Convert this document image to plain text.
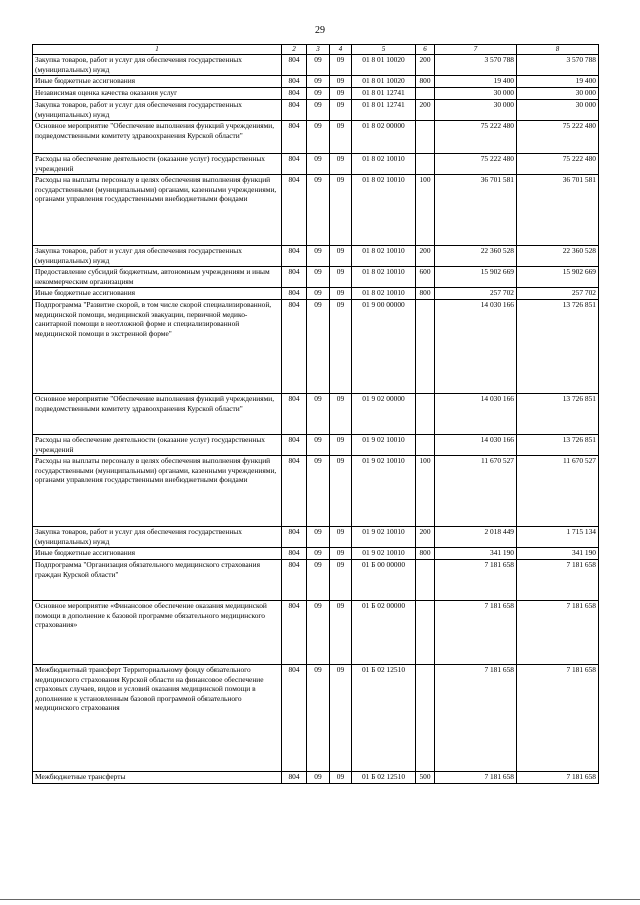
29
1	2	3	4	5	6	7	8
Закупка товаров, работ и услуг для обеспечения государственных (муниципальных) нужд	804	09	09	01 8 01 10020	200	3 570 788	3 570 788
Иные бюджетные ассигнования	804	09	09	01 8 01 10020	800	19 400	19 400
Независимая оценка качества оказания услуг	804	09	09	01 8 01 12741		30 000	30 000
Закупка товаров, работ и услуг для обеспечения государственных (муниципальных) нужд	804	09	09	01 8 01 12741	200	30 000	30 000
Основное мероприятие "Обеспечение выполнения функций учреждениями, подведомственными комитету здравоохранения Курской области"	804	09	09	01 8 02 00000		75 222 480	75 222 480
Расходы на обеспечение деятельности (оказание услуг) государственных учреждений	804	09	09	01 8 02 10010		75 222 480	75 222 480
Расходы на выплаты персоналу в целях обеспечения выполнения функций государственными (муниципальными) органами, казенными учреждениями, органами управления государственными внебюджетными фондами	804	09	09	01 8 02 10010	100	36 701 581	36 701 581
Закупка товаров, работ и услуг для обеспечения государственных (муниципальных) нужд	804	09	09	01 8 02 10010	200	22 360 528	22 360 528
Предоставление субсидий бюджетным, автономным учреждениям и иным некоммерческим организациям	804	09	09	01 8 02 10010	600	15 902 669	15 902 669
Иные бюджетные ассигнования	804	09	09	01 8 02 10010	800	257 702	257 702
Подпрограмма "Развитие скорой, в том числе скорой специализированной, медицинской помощи, медицинской эвакуации, первичной медико-санитарной помощи в неотложной форме и специализированной медицинской помощи в экстренной форме"	804	09	09	01 9 00 00000		14 030 166	13 726 851
Основное мероприятие "Обеспечение выполнения функций учреждениями, подведомственными комитету здравоохранения Курской области"	804	09	09	01 9 02 00000		14 030 166	13 726 851
Расходы на обеспечение деятельности (оказание услуг) государственных учреждений	804	09	09	01 9 02 10010		14 030 166	13 726 851
Расходы на выплаты персоналу в целях обеспечения выполнения функций государственными (муниципальными) органами, казенными учреждениями, органами управления государственными внебюджетными фондами	804	09	09	01 9 02 10010	100	11 670 527	11 670 527
Закупка товаров, работ и услуг для обеспечения государственных (муниципальных) нужд	804	09	09	01 9 02 10010	200	2 018 449	1 715 134
Иные бюджетные ассигнования	804	09	09	01 9 02 10010	800	341 190	341 190
Подпрограмма "Организация обязательного медицинского страхования граждан Курской области"	804	09	09	01 Б 00 00000		7 181 658	7 181 658
Основное мероприятие «Финансовое обеспечение оказания медицинской помощи в дополнение к базовой программе обязательного медицинского страхования»	804	09	09	01 Б 02 00000		7 181 658	7 181 658
Межбюджетный трансферт Территориальному фонду обязательного медицинского страхования Курской области на финансовое обеспечение страховых случаев, видов и условий оказания медицинской помощи в дополнение к установленным базовой программой обязательного медицинского страхования	804	09	09	01 Б 02 12510		7 181 658	7 181 658
Межбюджетные трансферты	804	09	09	01 Б 02 12510	500	7 181 658	7 181 658
